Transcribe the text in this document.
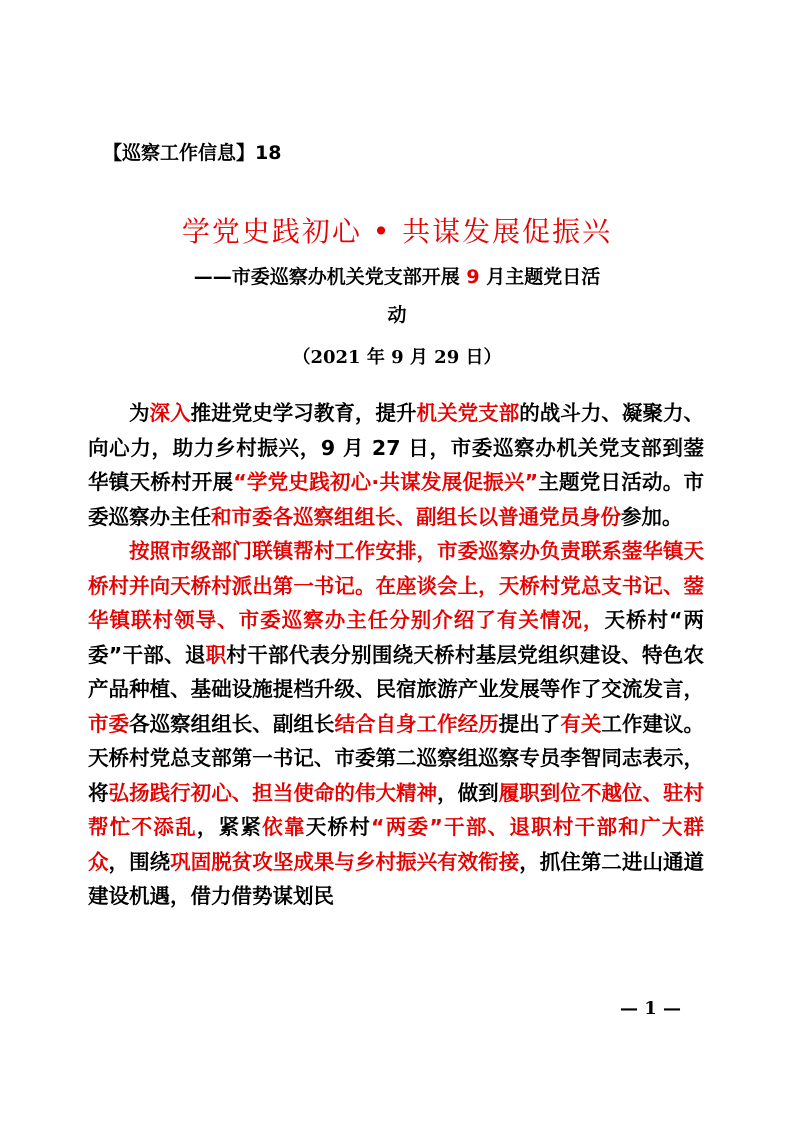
【巡察工作信息】18
学党史践初心 • 共谋发展促振兴
——市委巡察办机关党支部开展 9 月主题党日活
动
（2021 年 9 月 29 日）

为深入推进党史学习教育，提升机关党支部的战斗力、凝聚力、向心力，助力乡村振兴，9 月 27 日，市委巡察办机关党支部到蓥华镇天桥村开展“学党史践初心·共谋发展促振兴”主题党日活动。市委巡察办主任和市委各巡察组组长、副组长以普通党员身份参加。

按照市级部门联镇帮村工作安排，市委巡察办负责联系蓥华镇天桥村并向天桥村派出第一书记。在座谈会上，天桥村党总支书记、蓥华镇联村领导、市委巡察办主任分别介绍了有关情况，天桥村“两委”干部、退职村干部代表分别围绕天桥村基层党组织建设、特色农产品种植、基础设施提档升级、民宿旅游产业发展等作了交流发言，市委各巡察组组长、副组长结合自身工作经历提出了有关工作建议。天桥村党总支部第一书记、市委第二巡察组巡察专员李智同志表示，将弘扬践行初心、担当使命的伟大精神，做到履职到位不越位、驻村帮忙不添乱，紧紧依靠天桥村“两委”干部、退职村干部和广大群众，围绕巩固脱贫攻坚成果与乡村振兴有效衔接，抓住第二进山通道建设机遇，借力借势谋划民

— 1 —
